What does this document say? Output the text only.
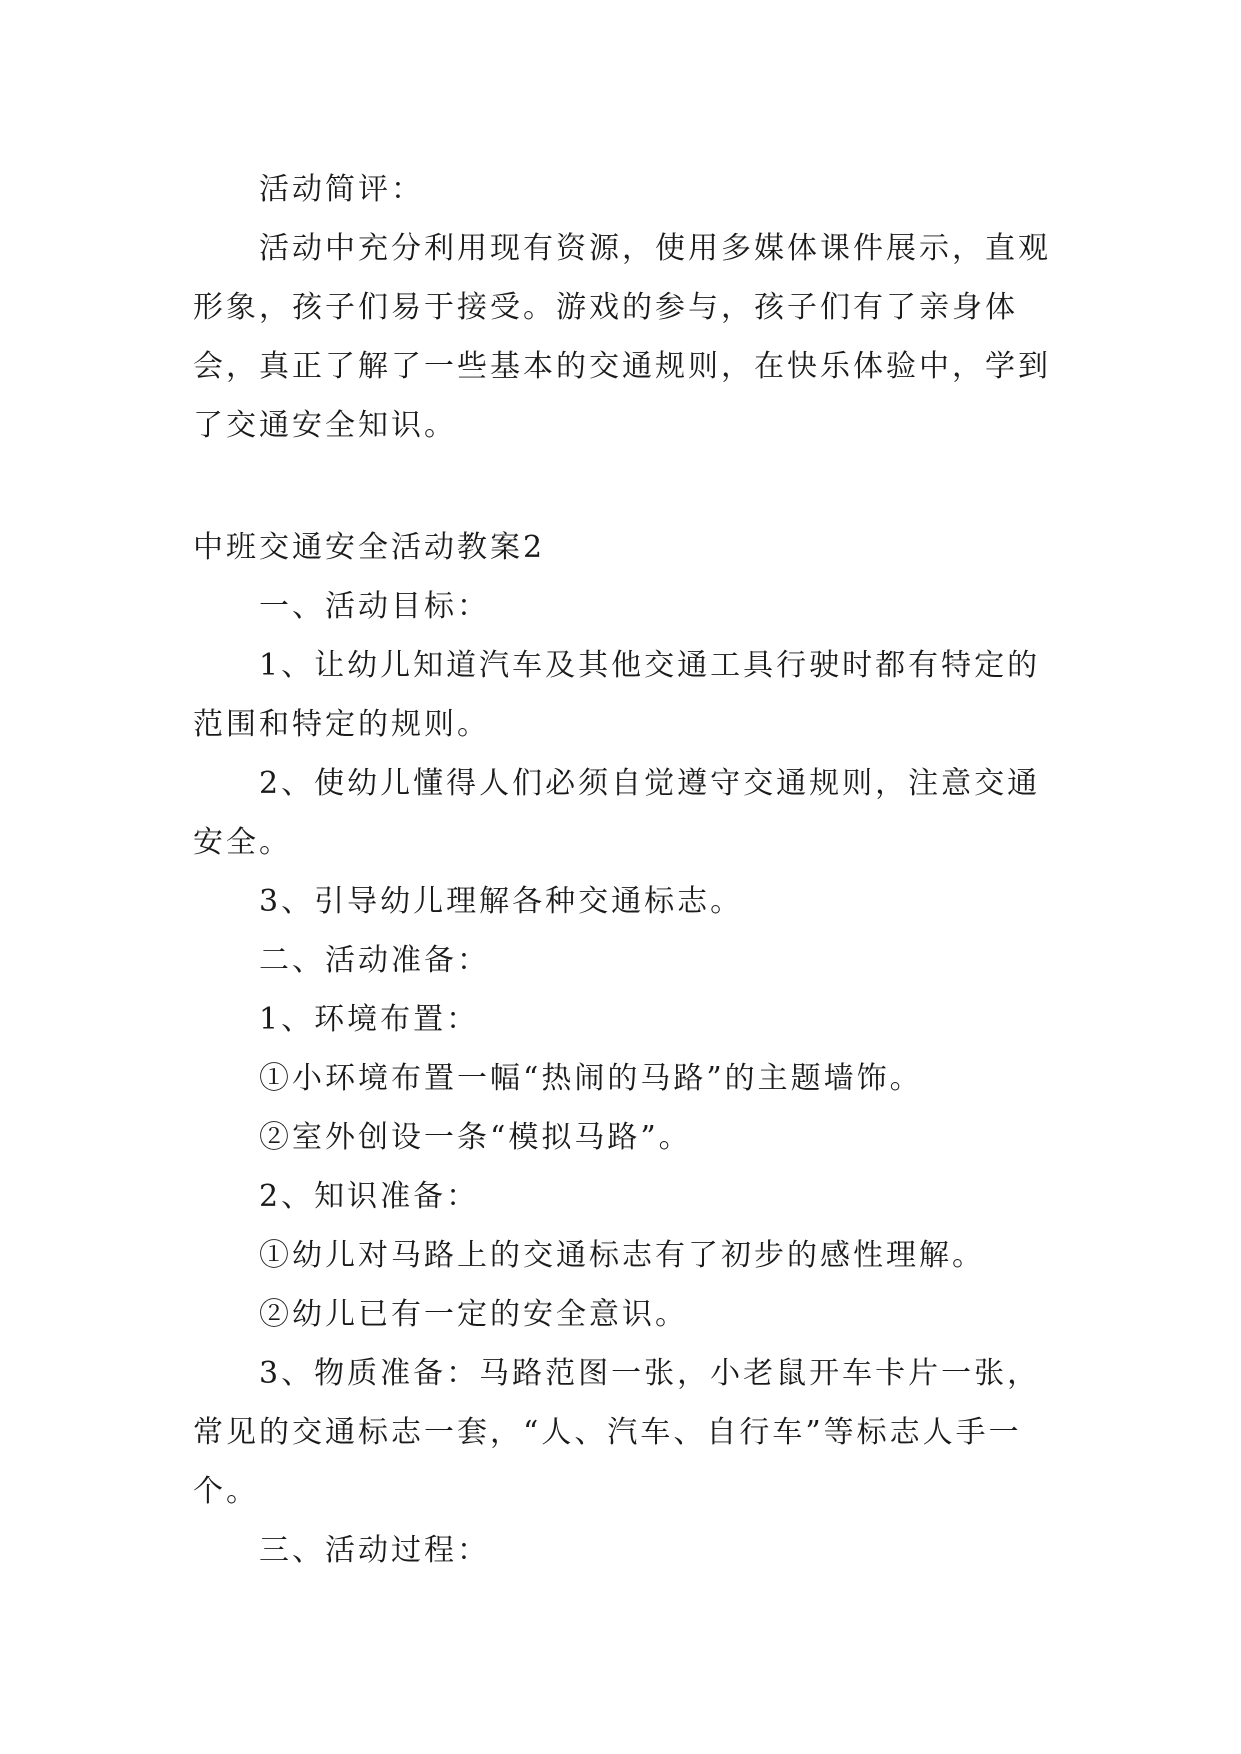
活动简评：

活动中充分利用现有资源，使用多媒体课件展示，直观形象，孩子们易于接受。游戏的参与，孩子们有了亲身体会，真正了解了一些基本的交通规则，在快乐体验中，学到了交通安全知识。

中班交通安全活动教案2

一、活动目标：

1、让幼儿知道汽车及其他交通工具行驶时都有特定的范围和特定的规则。

2、使幼儿懂得人们必须自觉遵守交通规则，注意交通安全。

3、引导幼儿理解各种交通标志。

二、活动准备：

1、环境布置：

①小环境布置一幅“热闹的马路”的主题墙饰。

②室外创设一条“模拟马路”。

2、知识准备：

①幼儿对马路上的交通标志有了初步的感性理解。

②幼儿已有一定的安全意识。

3、物质准备：马路范图一张，小老鼠开车卡片一张，常见的交通标志一套，“人、汽车、自行车”等标志人手一个。

三、活动过程：
